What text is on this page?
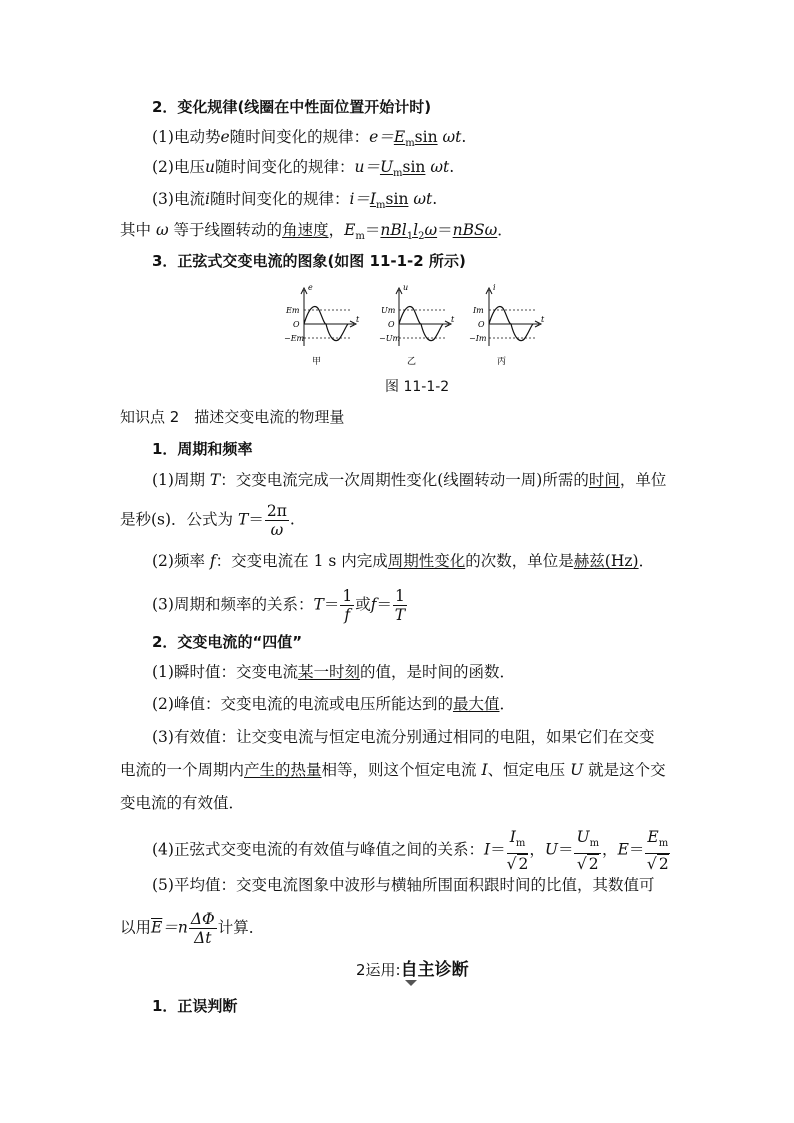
2．变化规律(线圈在中性面位置开始计时)
(1)电动势e随时间变化的规律：$e=E_m\sin$ ωt.
(2)电压u随时间变化的规律：$u=U_m\sin$ ωt.
(3)电流i随时间变化的规律：$i=I_m\sin$ ωt.
其中 ω 等于线圈转动的角速度，$E_m=nBl_1l_2\omega=nBS\omega$．
3．正弦式交变电流的图象(如图 11-1-2 所示)
e
Em
O
−Em
t
甲
u
Um
O
−Um
t
乙
i
Im
O
−Im
t
丙
图 11-1-2
知识点 2　描述交变电流的物理量
1．周期和频率
(1)周期 T：交变电流完成一次周期性变化(线圈转动一周)所需的时间，单位
是秒(s)．公式为 $T= \frac{2\pi}{\omega}$ .
(2)频率 f：交变电流在 1 s 内完成周期性变化的次数，单位是赫兹(Hz)．
(3)周期和频率的关系：$T= \frac{1}{f}$ 或$f= \frac{1}{T}$
2．交变电流的“四值”
(1)瞬时值：交变电流某一时刻的值，是时间的函数．
(2)峰值：交变电流的电流或电压所能达到的最大值．
(3)有效值：让交变电流与恒定电流分别通过相同的电阻，如果它们在交变
电流的一个周期内产生的热量相等，则这个恒定电流 I、恒定电压 U 就是这个交
变电流的有效值．
(4)正弦式交变电流的有效值与峰值之间的关系：$I= \frac{I_m}{√ 2}$ ，$U= \frac{U_m}{√ 2}$ ，$E= \frac{E_m}{√ 2}$
(5)平均值：交变电流图象中波形与横轴所围面积跟时间的比值，其数值可
以用$\overline{E}=n \frac{\Delta\Phi}{\Delta t}$ 计算．
2运用:自主诊断
1．正误判断
